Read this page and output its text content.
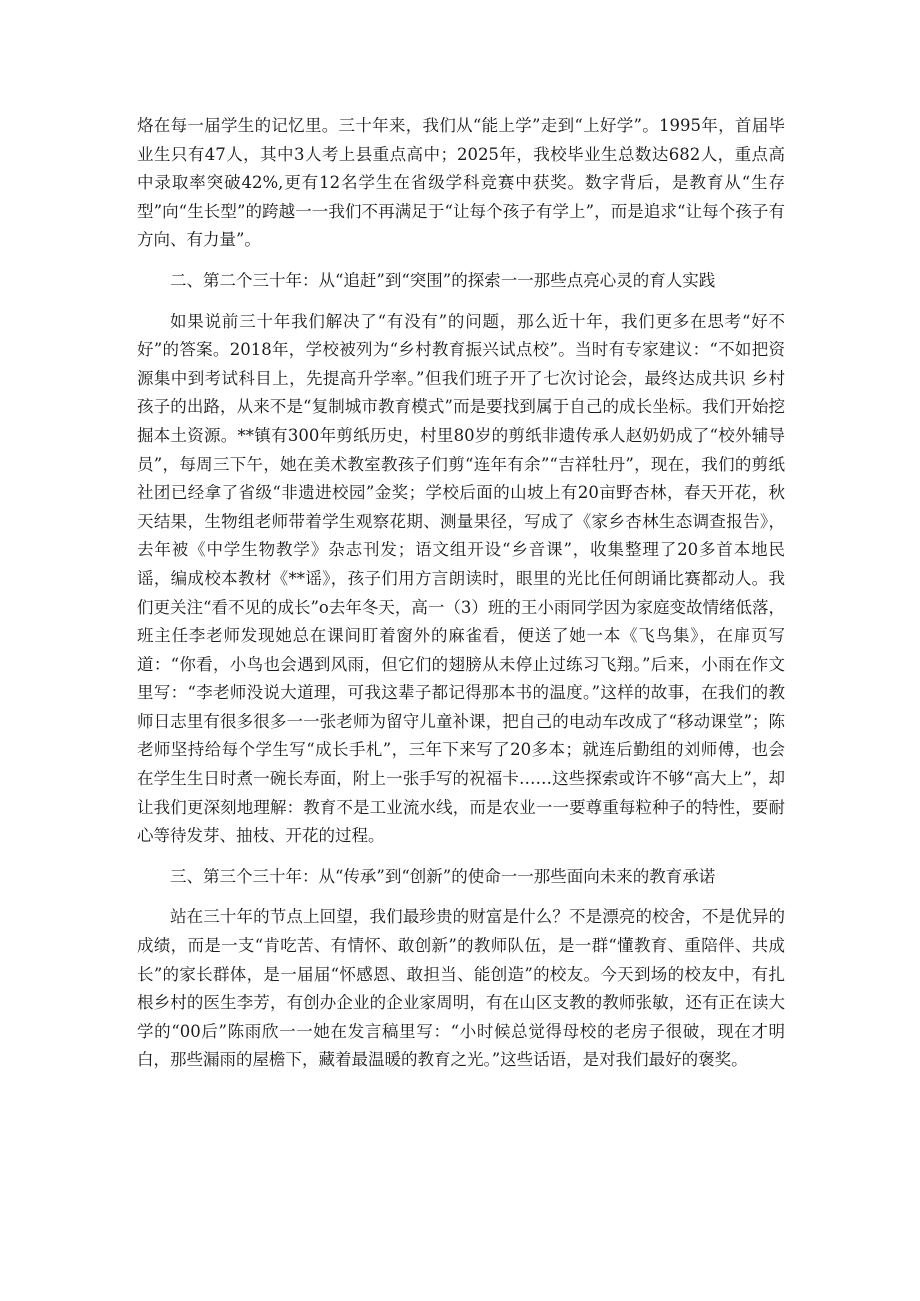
烙在每一届学生的记忆里。三十年来，我们从“能上学”走到“上好学”。1995年，首届毕业生只有47人，其中3人考上县重点高中；2025年，我校毕业生总数达682人，重点高中录取率突破42%,更有12名学生在省级学科竞赛中获奖。数字背后，是教育从“生存型”向“生长型”的跨越一一我们不再满足于“让每个孩子有学上”，而是追求“让每个孩子有方向、有力量”。

二、第二个三十年：从“追赶”到“突围”的探索一一那些点亮心灵的育人实践

如果说前三十年我们解决了“有没有”的问题，那么近十年，我们更多在思考“好不好”的答案。2018年，学校被列为“乡村教育振兴试点校”。当时有专家建议：“不如把资源集中到考试科目上，先提高升学率。”但我们班子开了七次讨论会，最终达成共识 乡村孩子的出路，从来不是“复制城市教育模式”而是要找到属于自己的成长坐标。我们开始挖掘本土资源。**镇有300年剪纸历史，村里80岁的剪纸非遗传承人赵奶奶成了“校外辅导员”，每周三下午，她在美术教室教孩子们剪“连年有余”“吉祥牡丹”，现在，我们的剪纸社团已经拿了省级“非遗进校园”金奖；学校后面的山坡上有20亩野杏林，春天开花，秋天结果，生物组老师带着学生观察花期、测量果径，写成了《家乡杏林生态调查报告》，去年被《中学生物教学》杂志刊发；语文组开设“乡音课”，收集整理了20多首本地民谣，编成校本教材《**谣》，孩子们用方言朗读时，眼里的光比任何朗诵比赛都动人。我们更关注“看不见的成长”o去年冬天，高一（3）班的王小雨同学因为家庭变故情绪低落，班主任李老师发现她总在课间盯着窗外的麻雀看，便送了她一本《飞鸟集》，在扉页写道：“你看，小鸟也会遇到风雨，但它们的翅膀从未停止过练习飞翔。”后来，小雨在作文里写：“李老师没说大道理，可我这辈子都记得那本书的温度。”这样的故事，在我们的教师日志里有很多很多一一张老师为留守儿童补课，把自己的电动车改成了“移动课堂”；陈老师坚持给每个学生写“成长手札”，三年下来写了20多本；就连后勤组的刘师傅，也会在学生生日时煮一碗长寿面，附上一张手写的祝福卡……这些探索或许不够“高大上”，却让我们更深刻地理解：教育不是工业流水线，而是农业一一要尊重每粒种子的特性，要耐心等待发芽、抽枝、开花的过程。

三、第三个三十年：从“传承”到“创新”的使命一一那些面向未来的教育承诺

站在三十年的节点上回望，我们最珍贵的财富是什么？不是漂亮的校舍，不是优异的成绩，而是一支“肯吃苦、有情怀、敢创新”的教师队伍，是一群“懂教育、重陪伴、共成长”的家长群体，是一届届“怀感恩、敢担当、能创造”的校友。今天到场的校友中，有扎根乡村的医生李芳，有创办企业的企业家周明，有在山区支教的教师张敏，还有正在读大学的“00后”陈雨欣一一她在发言稿里写：“小时候总觉得母校的老房子很破，现在才明白，那些漏雨的屋檐下，藏着最温暖的教育之光。”这些话语，是对我们最好的褒奖。
